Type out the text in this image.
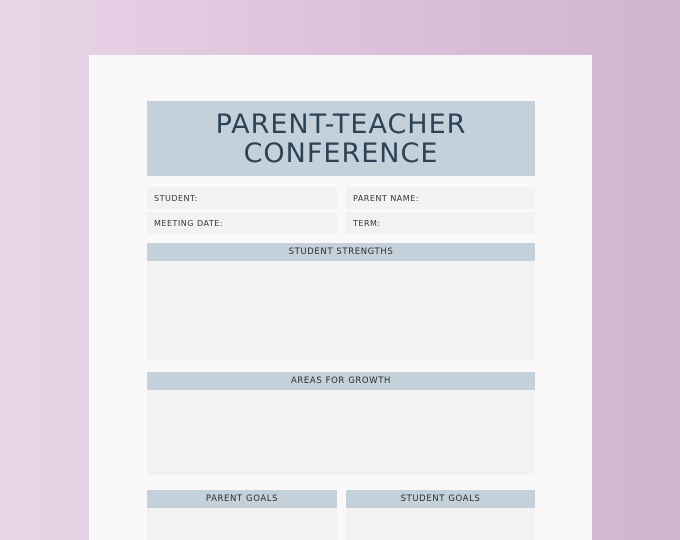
PARENT-TEACHER
CONFERENCE
STUDENT:	PARENT NAME:
MEETING DATE:	TERM:
STUDENT STRENGTHS
AREAS FOR GROWTH
PARENT GOALS	STUDENT GOALS
